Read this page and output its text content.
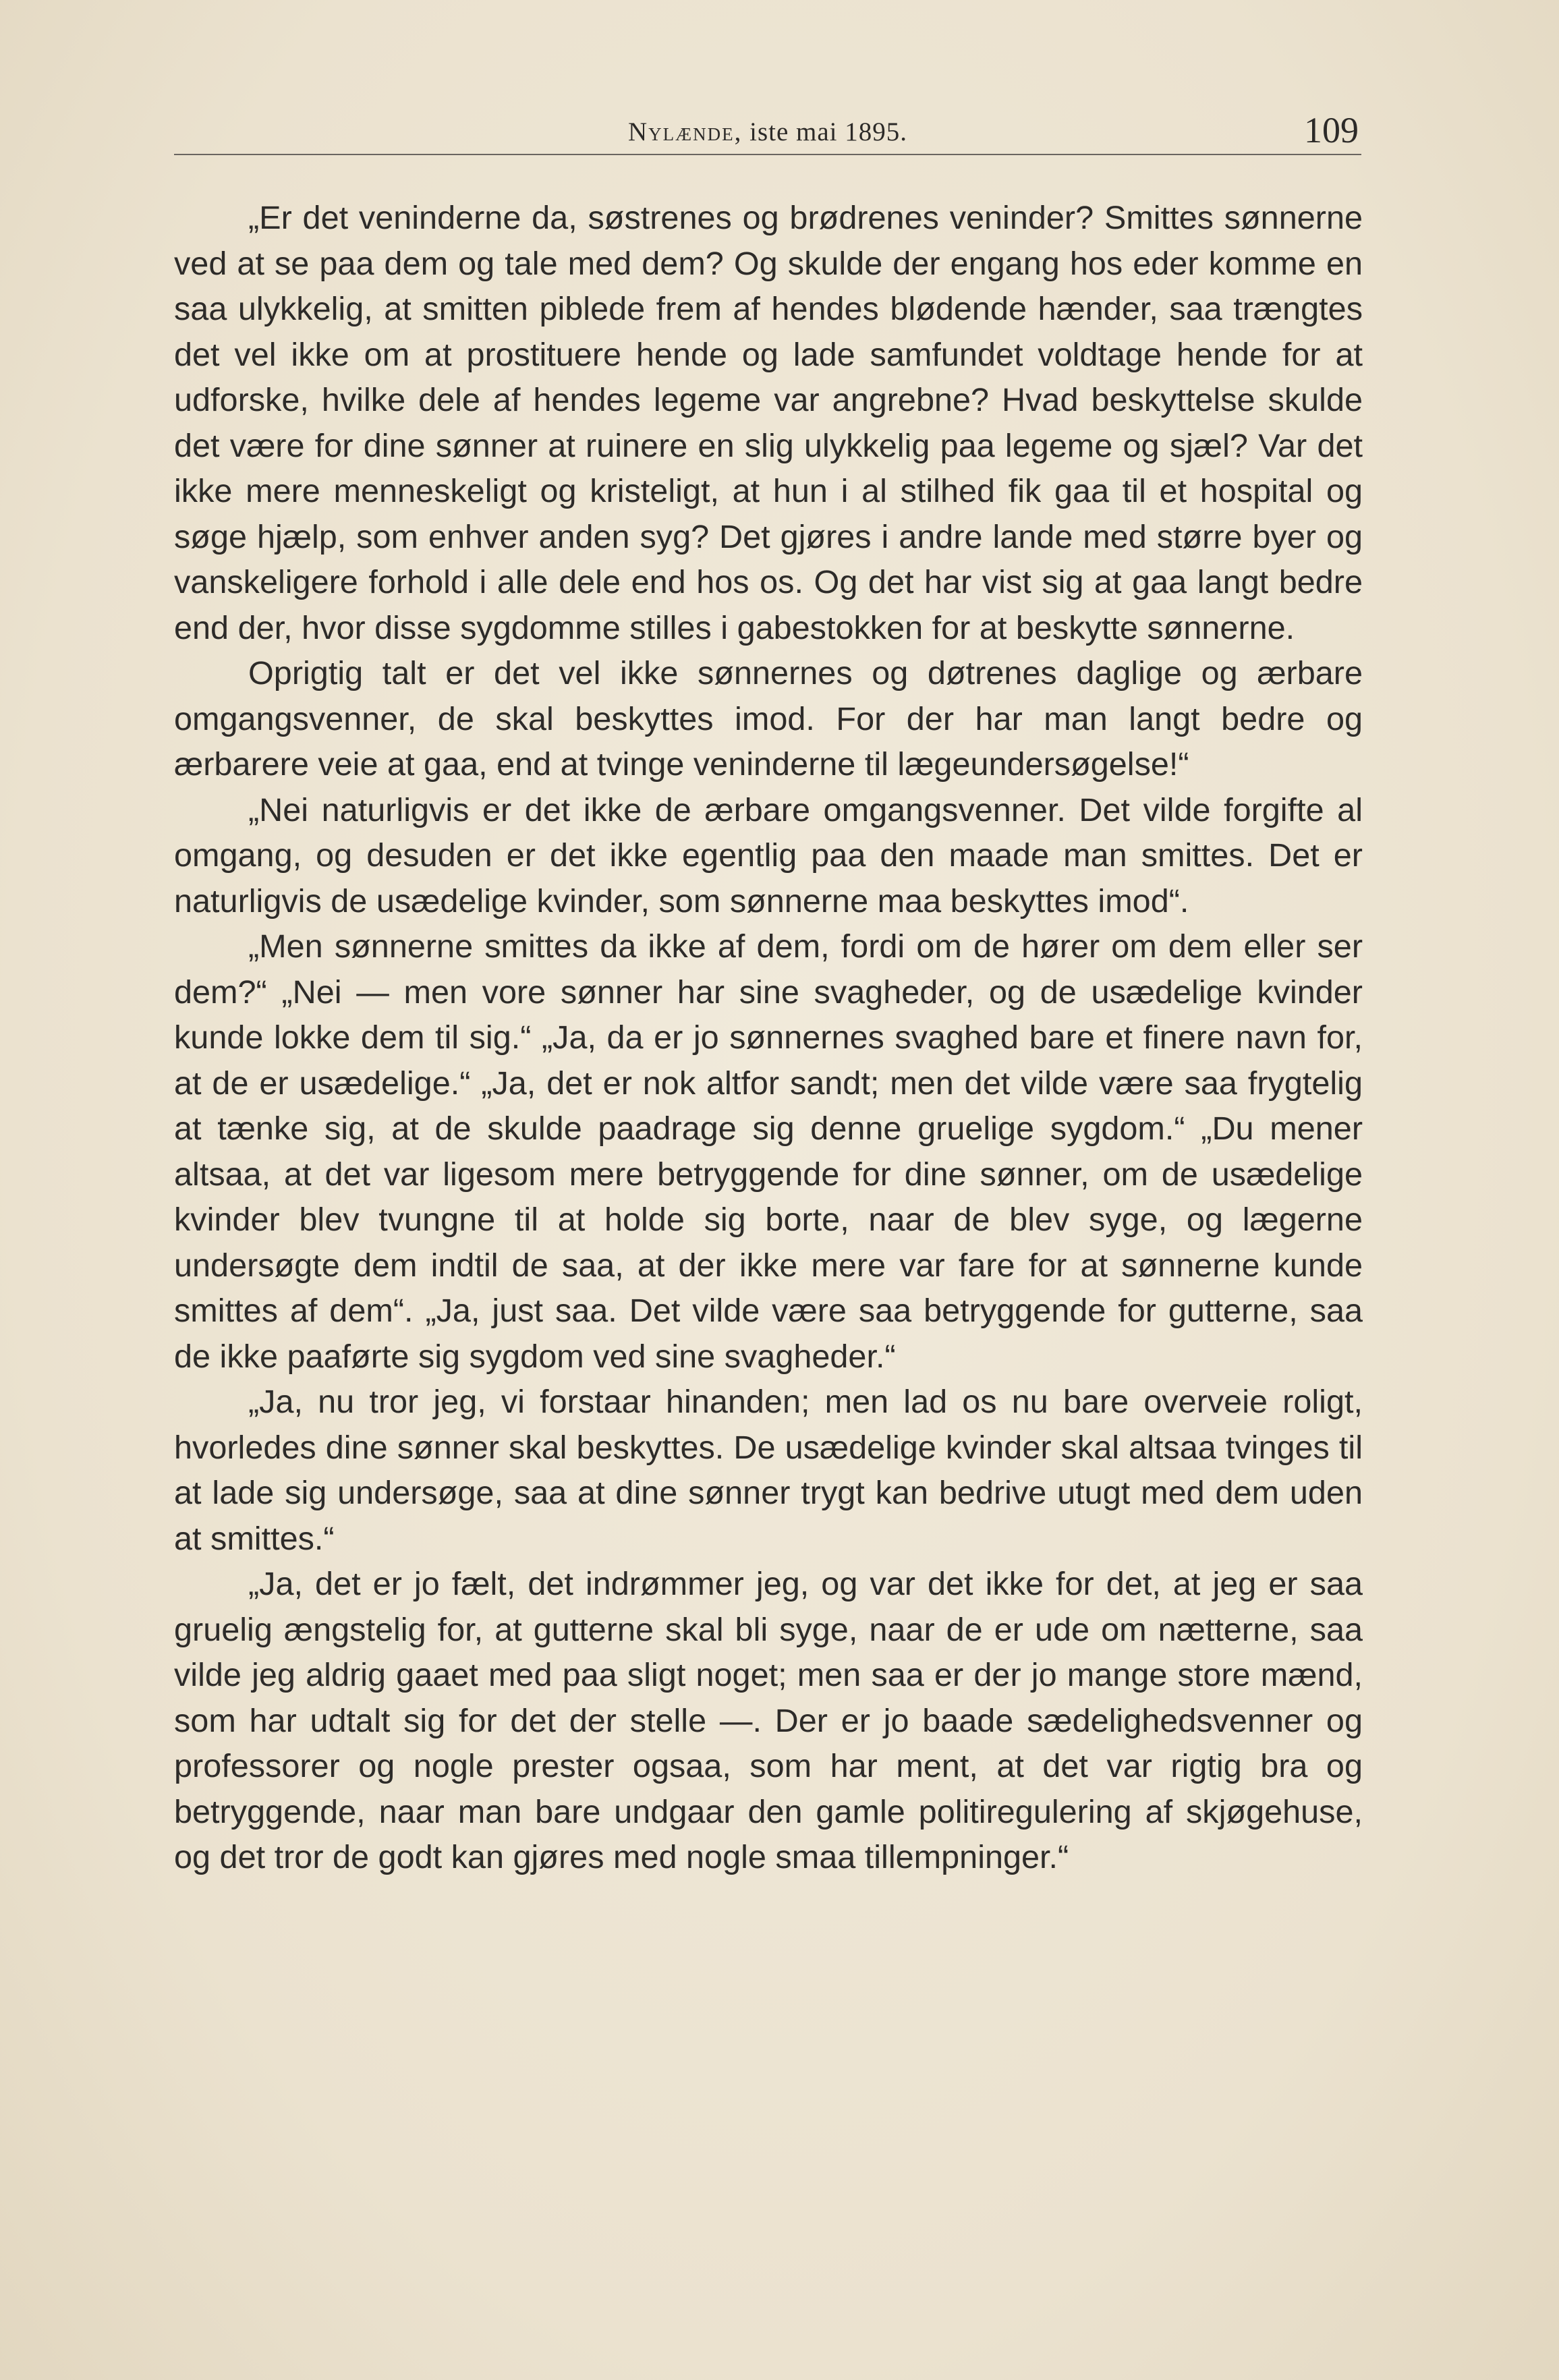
Nylænde, iste mai 1895.	109

„Er det veninderne da, søstrenes og brødrenes veninder? Smittes sønnerne ved at se paa dem og tale med dem? Og skulde der engang hos eder komme en saa ulykkelig, at smitten piblede frem af hendes blødende hænder, saa trængtes det vel ikke om at prostituere hende og lade samfundet voldtage hende for at udforske, hvilke dele af hendes legeme var angrebne? Hvad beskyttelse skulde det være for dine sønner at ruinere en slig ulykkelig paa legeme og sjæl? Var det ikke mere menneskeligt og kristeligt, at hun i al stilhed fik gaa til et hospital og søge hjælp, som enhver anden syg? Det gjøres i andre lande med større byer og vanskeligere forhold i alle dele end hos os. Og det har vist sig at gaa langt bedre end der, hvor disse sygdomme stilles i gabestokken for at beskytte sønnerne.

Oprigtig talt er det vel ikke sønnernes og døtrenes daglige og ærbare omgangsvenner, de skal beskyttes imod. For der har man langt bedre og ærbarere veie at gaa, end at tvinge veninderne til lægeundersøgelse!“

„Nei naturligvis er det ikke de ærbare omgangsvenner. Det vilde forgifte al omgang, og desuden er det ikke egentlig paa den maade man smittes. Det er naturligvis de usædelige kvinder, som sønnerne maa beskyttes imod“.

„Men sønnerne smittes da ikke af dem, fordi om de hører om dem eller ser dem?“ „Nei — men vore sønner har sine svagheder, og de usædelige kvinder kunde lokke dem til sig.“ „Ja, da er jo sønnernes svaghed bare et finere navn for, at de er usædelige.“ „Ja, det er nok altfor sandt; men det vilde være saa frygtelig at tænke sig, at de skulde paadrage sig denne gruelige sygdom.“ „Du mener altsaa, at det var ligesom mere betryggende for dine sønner, om de usædelige kvinder blev tvungne til at holde sig borte, naar de blev syge, og lægerne undersøgte dem indtil de saa, at der ikke mere var fare for at sønnerne kunde smittes af dem“. „Ja, just saa. Det vilde være saa betryggende for gutterne, saa de ikke paaførte sig sygdom ved sine svagheder.“

„Ja, nu tror jeg, vi forstaar hinanden; men lad os nu bare overveie roligt, hvorledes dine sønner skal beskyttes. De usædelige kvinder skal altsaa tvinges til at lade sig undersøge, saa at dine sønner trygt kan bedrive utugt med dem uden at smittes.“

„Ja, det er jo fælt, det indrømmer jeg, og var det ikke for det, at jeg er saa gruelig ængstelig for, at gutterne skal bli syge, naar de er ude om nætterne, saa vilde jeg aldrig gaaet med paa sligt noget; men saa er der jo mange store mænd, som har udtalt sig for det der stelle —. Der er jo baade sædelighedsvenner og professorer og nogle prester ogsaa, som har ment, at det var rigtig bra og betryggende, naar man bare undgaar den gamle politiregulering af skjøgehuse, og det tror de godt kan gjøres med nogle smaa tillempninger.“
